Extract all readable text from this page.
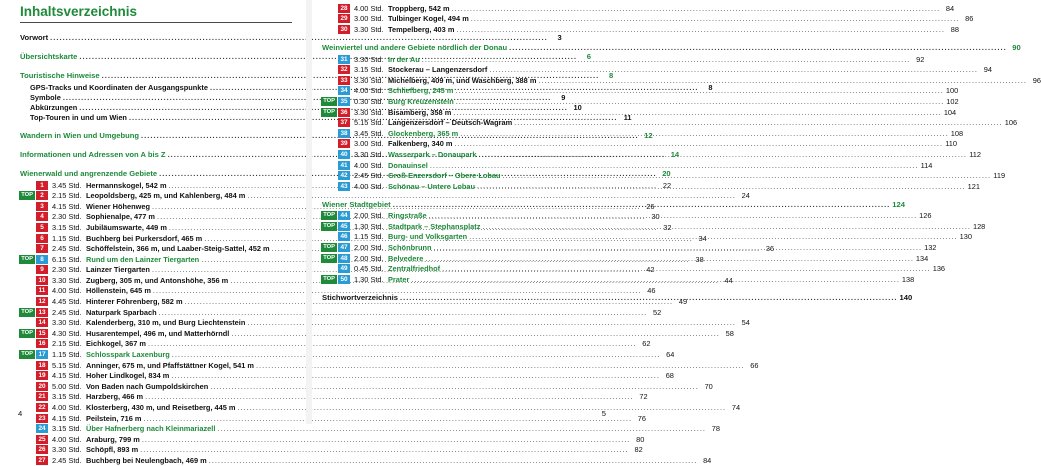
Inhaltsverzeichnis
Vorwort .....	3
Übersichtskarte .....	6
Touristische Hinweise .....	8
GPS-Tracks und Koordinaten der Ausgangspunkte .....	8
Symbole .....	9
Abkürzungen .....	10
Top-Touren in und um Wien .....	11
Wandern in Wien und Umgebung .....	12
Informationen und Adressen von A bis Z .....	14
Wienerwald und angrenzende Gebiete .....	20
1	3.45 Std. Hermannskogel, 542 m .....	22
TOP	2	2.15 Std. Leopoldsberg, 425 m, und Kahlenberg, 484 m .....	24
3	4.15 Std. Wiener Höhenweg .....	26
4	2.30 Std. Sophienalpe, 477 m .....	30
5	3.15 Std. Jubiläumswarte, 449 m .....	32
6	1.15 Std. Buchberg bei Purkersdorf, 465 m .....	34
7	2.45 Std. Schöffelstein, 366 m, und Laaber-Steig-Sattel, 452 m .....	36
TOP	8	6.15 Std. Rund um den Lainzer Tiergarten .....	38
9	2.30 Std. Lainzer Tiergarten .....	42
10 3.30 Std. Zugberg, 305 m, und Antonshöhe, 356 m .....	44
11 4.00 Std. Höllenstein, 645 m .....	46
12 4.45 Std. Hinterer Föhrenberg, 582 m .....	49
TOP 13 2.45 Std. Naturpark Sparbach .....	52
14 3.30 Std. Kalenderberg, 310 m, und Burg Liechtenstein .....	54
TOP 15 4.30 Std. Husarentempel, 496 m, und Matterhörndl .....	58
16 2.15 Std. Eichkogel, 367 m .....	62
TOP 17 1.15 Std. Schlosspark Laxenburg .....	64
18 5.15 Std. Anninger, 675 m, und Pfaffstättner Kogel, 541 m .....	66
19 4.15 Std. Hoher Lindkogel, 834 m .....	68
20 5.00 Std. Von Baden nach Gumpoldskirchen .....	70
21 3.15 Std. Harzberg, 466 m .....	72
22 4.00 Std. Klosterberg, 430 m, und Reisetberg, 445 m .....	74
23 4.15 Std. Peilstein, 716 m .....	76
24 3.15 Std. Über Hafnerberg nach Kleinmariazell .....	78
25 4.00 Std. Araburg, 799 m .....	80
26 3.30 Std. Schöpfl, 893 m .....	82
27 2.45 Std. Buchberg bei Neulengbach, 469 m .....	84
4
28 4.00 Std. Troppberg, 542 m .....	84
29 3.00 Std. Tulbinger Kogel, 494 m .....	86
30 3.30 Std. Tempelberg, 403 m .....	88
Weinviertel und andere Gebiete nördlich der Donau .....	90
31 3.30 Std. In der Au .....	92
32 3.15 Std. Stockerau – Langenzersdorf .....	94
33 3.30 Std. Michelberg, 409 m, und Waschberg, 388 m .....	96
34 4.00 Std. Schliefberg, 245 m .....	100
TOP 35 0.30 Std. Burg Kreuzenstein .....	102
TOP 36 3.30 Std. Bisamberg, 358 m .....	104
37 5.15 Std. Langenzersdorf – Deutsch-Wagram .....	106
38 3.45 Std. Glockenberg, 365 m .....	108
39 3.00 Std. Falkenberg, 340 m .....	110
40 3.30 Std. Wasserpark – Donaupark .....	112
41 4.00 Std. Donauinsel .....	114
42 2.45 Std. Groß-Enzersdorf – Obere Lobau .....	119
43 4.00 Std. Schönau – Untere Lobau .....	121
Wiener Stadtgebiet .....	124
TOP 44 2.00 Std. Ringstraße .....	126
TOP 45 1.30 Std. Stadtpark – Stephansplatz .....	128
46 1.15 Std. Burg- und Volksgarten .....	130
TOP 47 2.00 Std. Schönbrunn .....	132
TOP 48 2.00 Std. Belvedere .....	134
49 0.45 Std. Zentralfriedhof .....	136
TOP 50 1.30 Std. Prater .....	138
Stichwortverzeichnis .....	140
5
